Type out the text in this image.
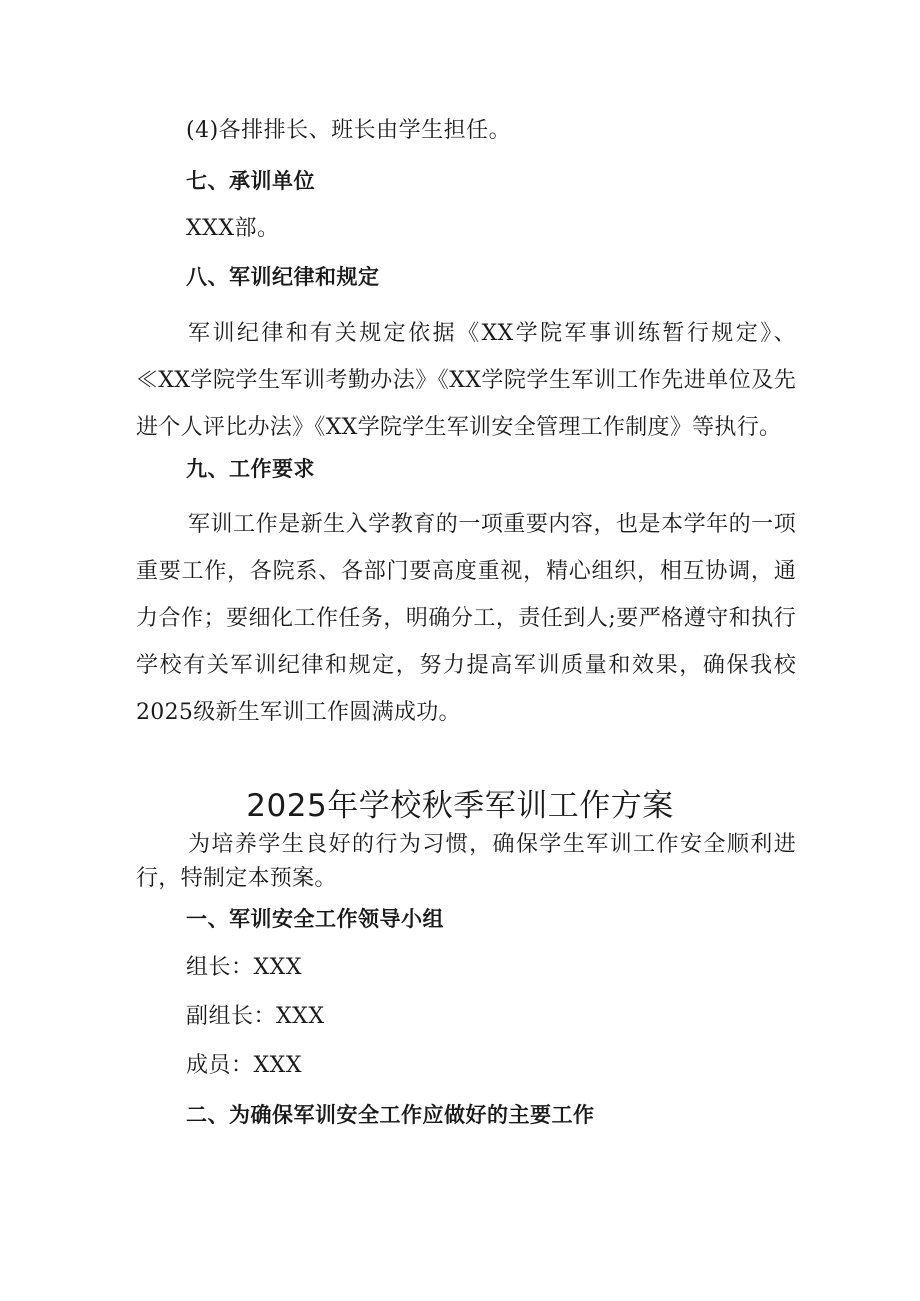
(4)各排排长、班长由学生担任。
七、承训单位
XXX部。
八、军训纪律和规定

军训纪律和有关规定依据《XX学院军事训练暂行规定》、≪XX学院学生军训考勤办法》《XX学院学生军训工作先进单位及先进个人评比办法》《XX学院学生军训安全管理工作制度》等执行。

九、工作要求

军训工作是新生入学教育的一项重要内容，也是本学年的一项重要工作，各院系、各部门要高度重视，精心组织，相互协调，通力合作；要细化工作任务，明确分工，责任到人;要严格遵守和执行学校有关军训纪律和规定，努力提高军训质量和效果，确保我校2025级新生军训工作圆满成功。

2025年学校秋季军训工作方案

为培养学生良好的行为习惯，确保学生军训工作安全顺利进行，特制定本预案。

一、军训安全工作领导小组
组长：XXX
副组长：XXX
成员：XXX
二、为确保军训安全工作应做好的主要工作
